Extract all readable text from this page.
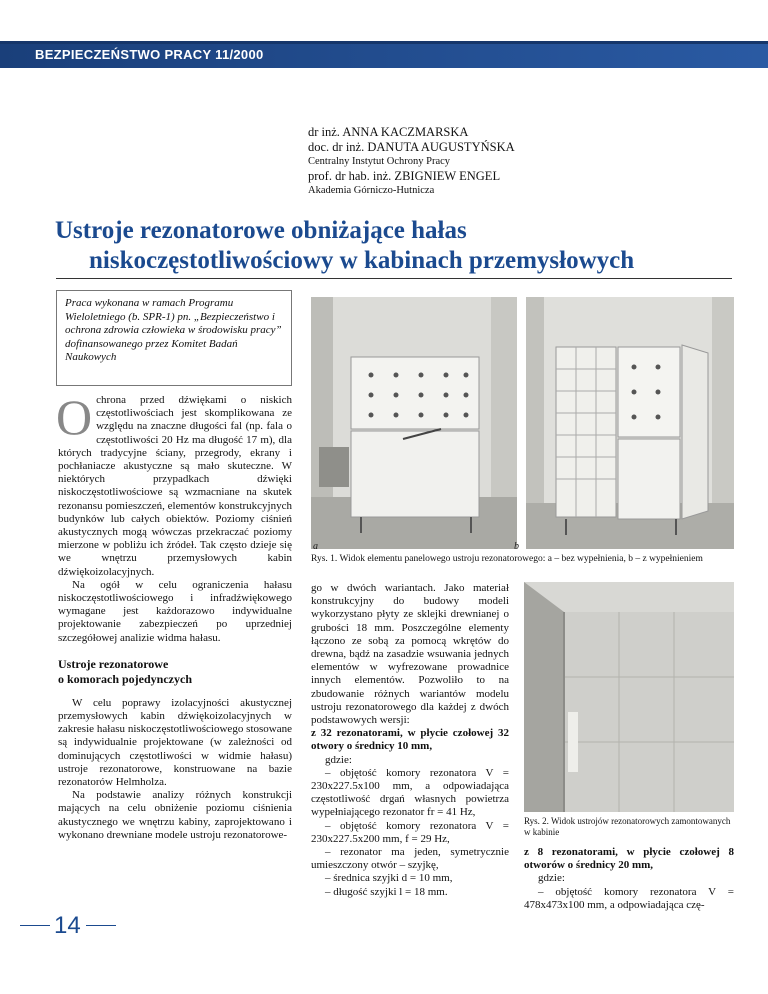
BEZPIECZEŃSTWO PRACY 11/2000
dr inż. ANNA KACZMARSKA
doc. dr inż. DANUTA AUGUSTYŃSKA
Centralny Instytut Ochrony Pracy
prof. dr hab. inż. ZBIGNIEW ENGEL
Akademia Górniczo-Hutnicza
Ustroje rezonatorowe obniżające hałas
niskoczęstotliwościowy w kabinach przemysłowych
Praca wykonana w ramach Programu Wieloletniego (b. SPR-1) pn. „Bezpieczeństwo i ochrona zdrowia człowieka w środowisku pracy” dofinansowanego przez Komitet Badań Naukowych

Ochrona przed dźwiękami o niskich częstotliwościach jest skomplikowana ze względu na znaczne długości fal (np. fala o częstotliwości 20 Hz ma długość 17 m), dla których tradycyjne ściany, przegrody, ekrany i pochłaniacze akustyczne są mało skuteczne. W niektórych przypadkach dźwięki niskoczęstotliwościowe są wzmacniane na skutek rezonansu pomieszczeń, elementów konstrukcyjnych budynków lub całych obiektów. Poziomy ciśnień akustycznych mogą wówczas przekraczać poziomy mierzone w pobliżu ich źródeł. Tak często dzieje się we wnętrzu przemysłowych kabin dźwiękoizolacyjnych.

Na ogół w celu ograniczenia hałasu niskoczęstotliwościowego i infradźwiękowego wymagane jest każdorazowo indywidualne projektowanie zabezpieczeń po uprzedniej szczegółowej analizie widma hałasu.

Ustroje rezonatorowe
o komorach pojedynczych

W celu poprawy izolacyjności akustycznej przemysłowych kabin dźwiękoizolacyjnych w zakresie hałasu niskoczęstotliwościowego stosowane są indywidualnie projektowane (w zależności od dominujących częstotliwości w widmie hałasu) ustroje rezonatorowe, konstruowane na bazie rezonatorów Helmholza.

Na podstawie analizy różnych konstrukcji mających na celu obniżenie poziomu ciśnienia akustycznego we wnętrzu kabiny, zaprojektowano i wykonano drewniane modele ustroju rezonatorowe-

a	b
Rys. 1. Widok elementu panelowego ustroju rezonatorowego: a – bez wypełnienia, b – z wypełnieniem

go w dwóch wariantach. Jako materiał konstrukcyjny do budowy modeli wykorzystano płyty ze sklejki drewnianej o grubości 18 mm. Poszczególne elementy łączono ze sobą za pomocą wkrętów do drewna, bądź na zasadzie wsuwania jednych elementów w wyfrezowane prowadnice innych elementów. Pozwoliło to na zbudowanie różnych wariantów modelu ustroju rezonatorowego dla każdej z dwóch podstawowych wersji:

z 32 rezonatorami, w płycie czołowej 32 otwory o średnicy 10 mm,

gdzie:

– objętość komory rezonatora V = 230x227.5x100 mm, a odpowiadająca częstotliwość drgań własnych powietrza wypełniającego rezonator fr = 41 Hz,

– objętość komory rezonatora V = 230x227.5x200 mm, f = 29 Hz,

– rezonator ma jeden, symetrycznie umieszczony otwór – szyjkę,

– średnica szyjki d = 10 mm,

– długość szyjki l = 18 mm.

Rys. 2. Widok ustrojów rezonatorowych zamontowanych w kabinie

z 8 rezonatorami, w płycie czołowej 8 otworów o średnicy 20 mm,

gdzie:

– objętość komory rezonatora V = 478x473x100 mm, a odpowiadająca czę-

14
